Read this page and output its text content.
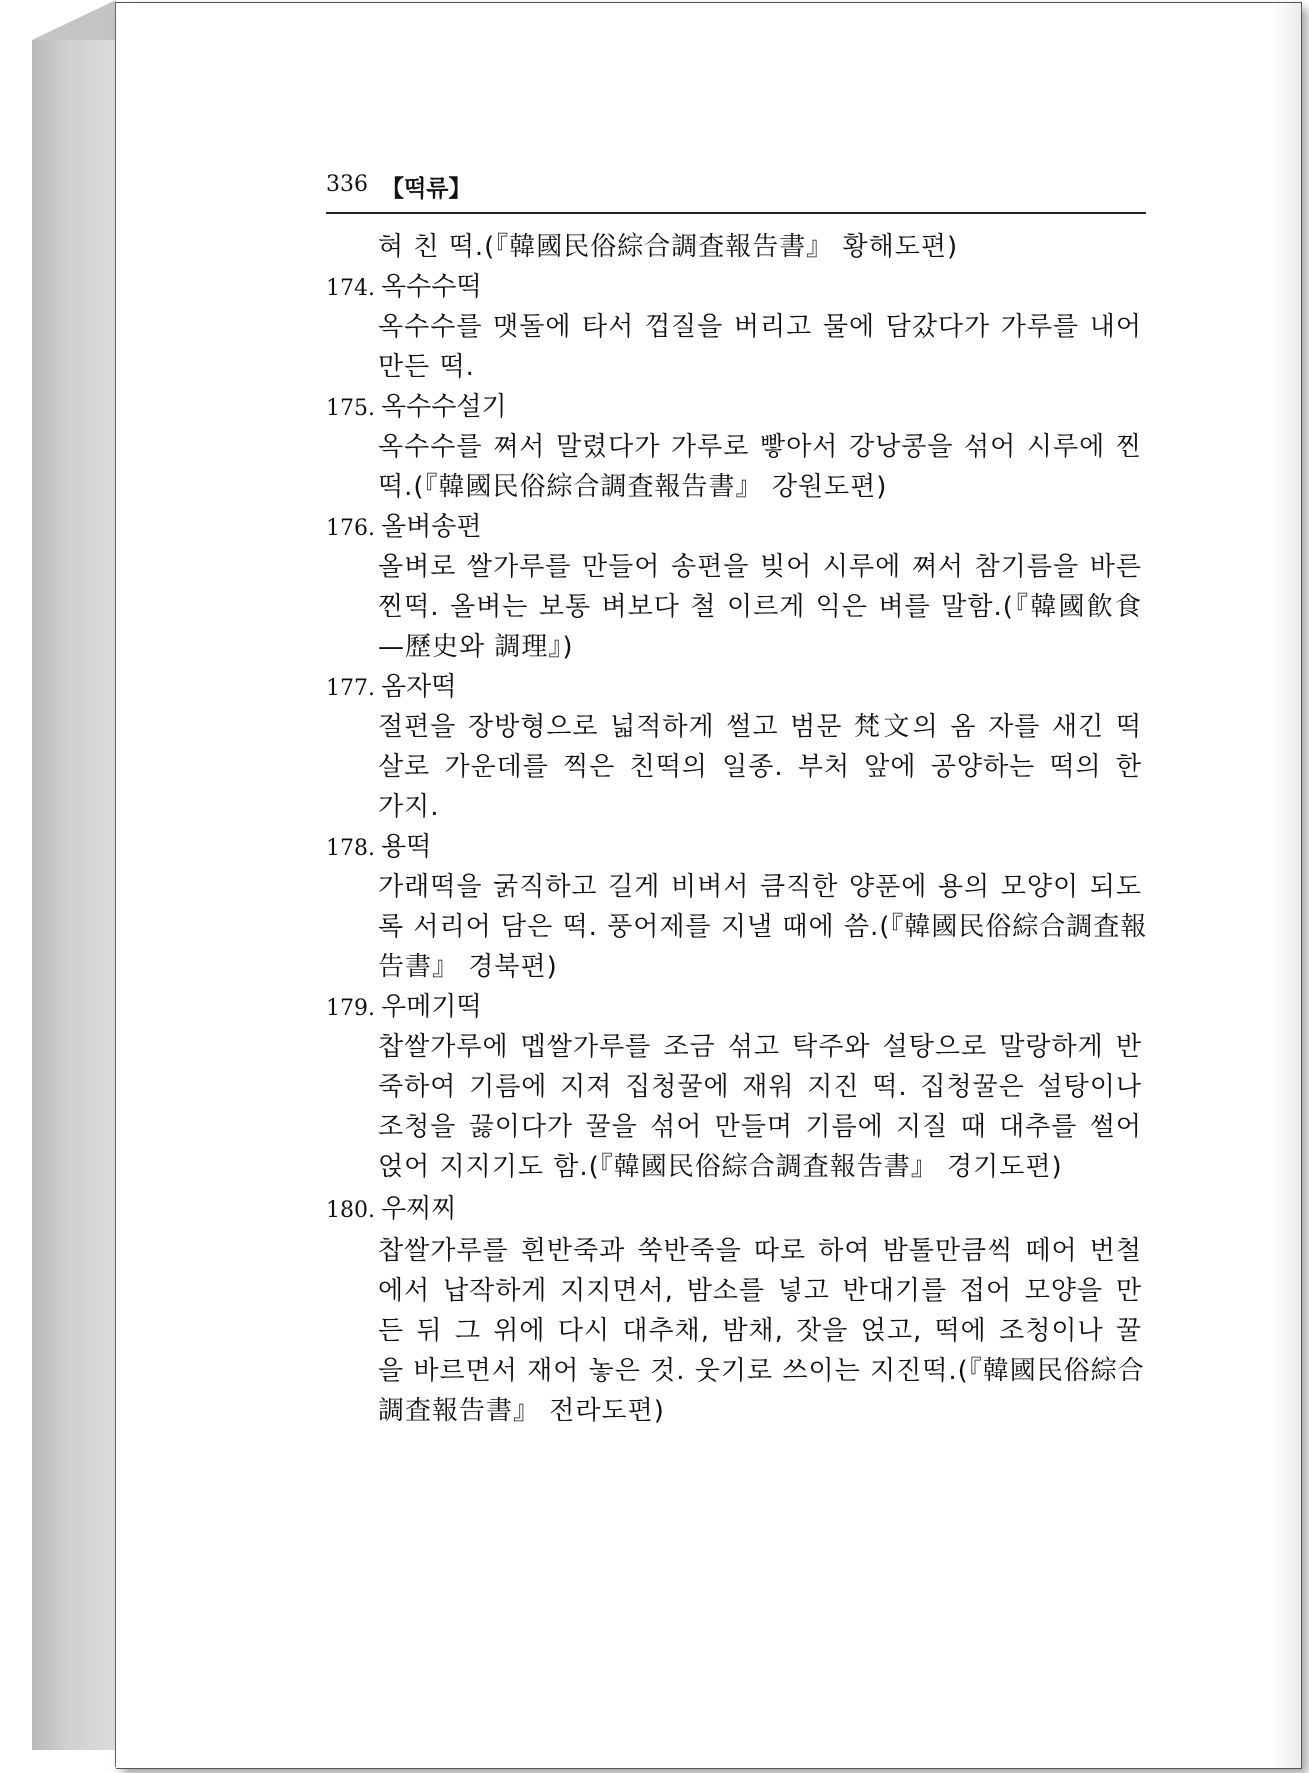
336 【떡류】
혀 친 떡.(『韓國民俗綜合調査報告書』 황해도편)
174. 옥수수떡
옥수수를 맷돌에 타서 껍질을 버리고 물에 담갔다가 가루를 내어
만든 떡.
175. 옥수수설기
옥수수를 쪄서 말렸다가 가루로 빻아서 강낭콩을 섞어 시루에 찐
떡.(『韓國民俗綜合調査報告書』 강원도편)
176. 올벼송편
올벼로 쌀가루를 만들어 송편을 빚어 시루에 쪄서 참기름을 바른
찐떡. 올벼는 보통 벼보다 철 이르게 익은 벼를 말함.(『韓國飮食
—歷史와 調理』)
177. 옴자떡
절편을 장방형으로 넓적하게 썰고 범문 梵文의 옴 자를 새긴 떡
살로 가운데를 찍은 친떡의 일종. 부처 앞에 공양하는 떡의 한
가지.
178. 용떡
가래떡을 굵직하고 길게 비벼서 큼직한 양푼에 용의 모양이 되도
록 서리어 담은 떡. 풍어제를 지낼 때에 씀.(『韓國民俗綜合調査報
告書』 경북편)
179. 우메기떡
찹쌀가루에 멥쌀가루를 조금 섞고 탁주와 설탕으로 말랑하게 반
죽하여 기름에 지져 집청꿀에 재워 지진 떡. 집청꿀은 설탕이나
조청을 끓이다가 꿀을 섞어 만들며 기름에 지질 때 대추를 썰어
얹어 지지기도 함.(『韓國民俗綜合調査報告書』 경기도편)
180. 우찌찌
찹쌀가루를 흰반죽과 쑥반죽을 따로 하여 밤톨만큼씩 떼어 번철
에서 납작하게 지지면서, 밤소를 넣고 반대기를 접어 모양을 만
든 뒤 그 위에 다시 대추채, 밤채, 잣을 얹고, 떡에 조청이나 꿀
을 바르면서 재어 놓은 것. 웃기로 쓰이는 지진떡.(『韓國民俗綜合
調査報告書』 전라도편)
